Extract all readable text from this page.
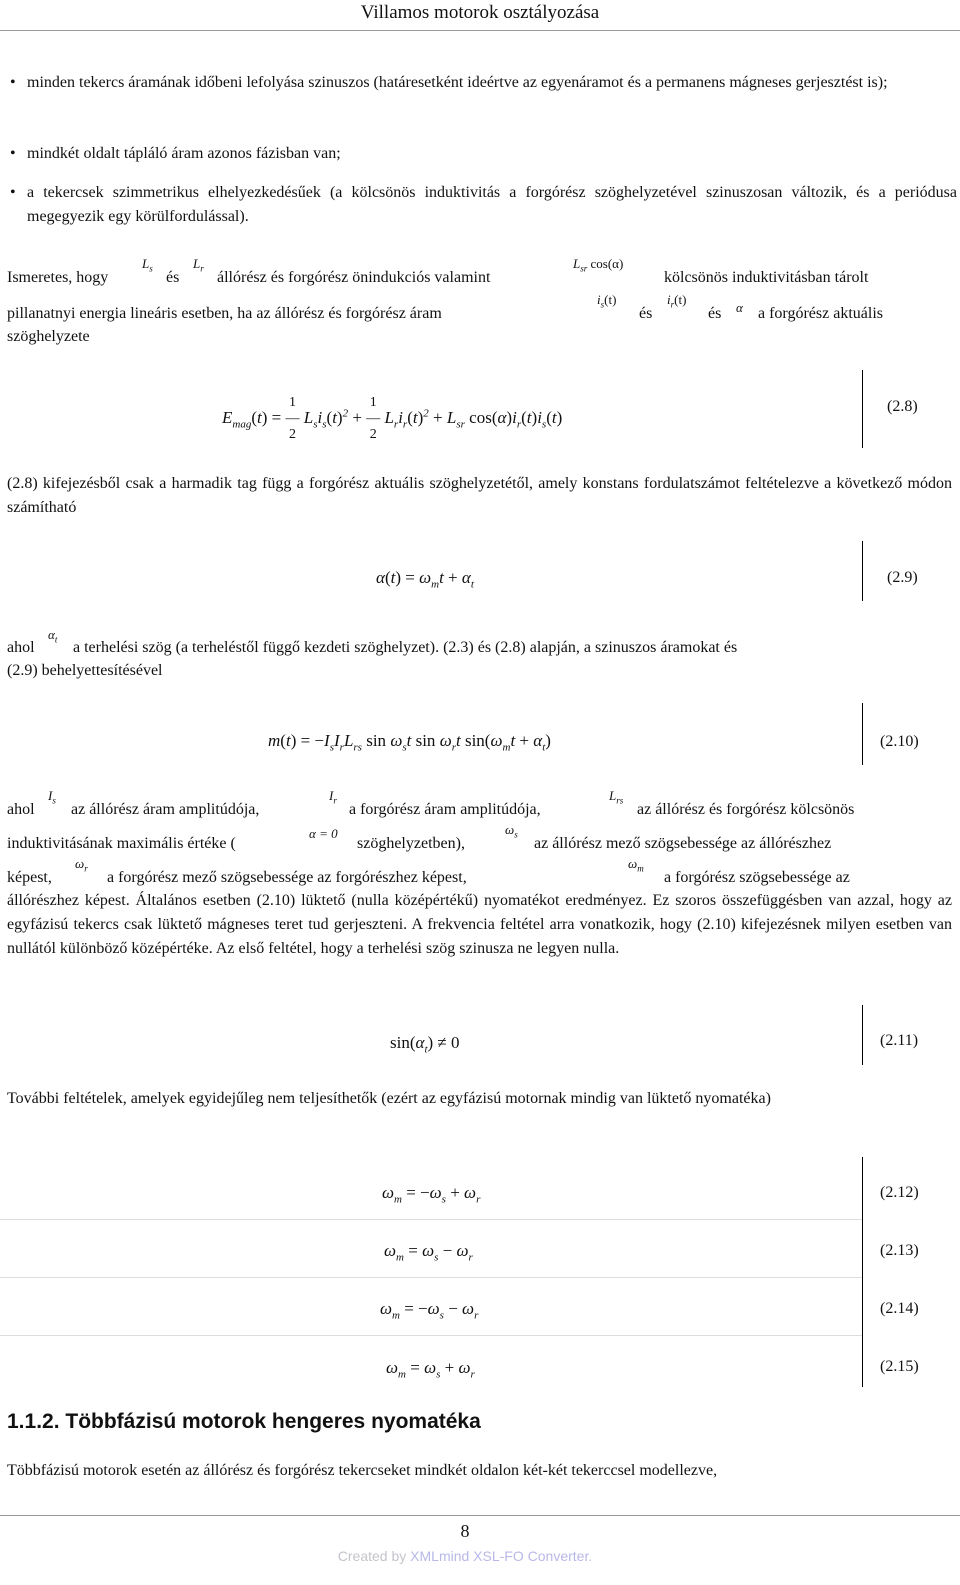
Villamos motorok osztályozása
• minden tekercs áramának időbeni lefolyása szinuszos (határesetként ideértve az egyenáramot és a permanens mágneses gerjesztést is);
• mindkét oldalt tápláló áram azonos fázisban van;
• a tekercsek szimmetrikus elhelyezkedésűek (a kölcsönös induktivitás a forgórész szöghelyzetével szinuszosan változik, és a periódusa megegyezik egy körülfordulással).
Ismeretes, hogy
$L_s$
és
$L_r$
állórész és forgórész önindukciós valamint
$L_{sr}$ cos(α)
kölcsönös induktivitásban tárolt
pillanatnyi energia lineáris esetben, ha az állórész és forgórész áram
$i_s(t)$
és
$i_r(t)$
és α a forgórész aktuális
szöghelyzete
$E_{mag}(t) = 1$
—
2 $L_si_s(t)^2 + 1$
—
2 $L_ri_r(t)^2 + L_{sr}$ $\cos(\alpha)i_r(t)i_s(t)$
(2.8)
(2.8) kifejezésből csak a harmadik tag függ a forgórész aktuális szöghelyzetétől, amely konstans fordulatszámot feltételezve a következő módon számítható
$\alpha(t) = \omega_mt + \alpha_t$	(2.9)
ahol
$\alpha_t$ a terhelési szög (a terheléstől függő kezdeti szöghelyzet). (2.3) és (2.8) alapján, a szinuszos áramokat és
(2.9) behelyettesítésével
$m(t) = -I_sI_rL_{rs}$ $\sin \omega_st$ $\sin \omega_rt$ $\sin(\omega_mt + \alpha_t)$	(2.10)
ahol
$I_s$
az állórész áram amplitúdója,
$I_r$
a forgórész áram amplitúdója,
$L_{rs}$
az állórész és forgórész kölcsönös
induktivitásának maximális értéke (
α = 0
szöghelyzetben),
$\omega_s$
az állórész mező szögsebessége az állórészhez
képest,
$\omega_r$
a forgórész mező szögsebessége az forgórészhez képest,
$\omega_m$
a forgórész szögsebessége az
állórészhez képest. Általános esetben (2.10) lüktető (nulla középértékű) nyomatékot eredményez. Ez szoros összefüggésben van azzal, hogy az egyfázisú tekercs csak lüktető mágneses teret tud gerjeszteni. A frekvencia feltétel arra vonatkozik, hogy (2.10) kifejezésnek milyen esetben van nullától különböző középértéke. Az első feltétel, hogy a terhelési szög szinusza ne legyen nulla.
$\sin(\alpha_t) \ne 0$	(2.11)
További feltételek, amelyek egyidejűleg nem teljesíthetők (ezért az egyfázisú motornak mindig van lüktető nyomatéka)
$\omega_m = -\omega_s + \omega_r$	(2.12)
$\omega_m = \omega_s - \omega_r$	(2.13)
$\omega_m = -\omega_s - \omega_r$	(2.14)
$\omega_m = \omega_s + \omega_r$	(2.15)
1.1.2. Többfázisú motorok hengeres nyomatéka
Többfázisú motorok esetén az állórész és forgórész tekercseket mindkét oldalon két-két tekerccsel modellezve,
8
Created by XMLmind XSL-FO Converter.
